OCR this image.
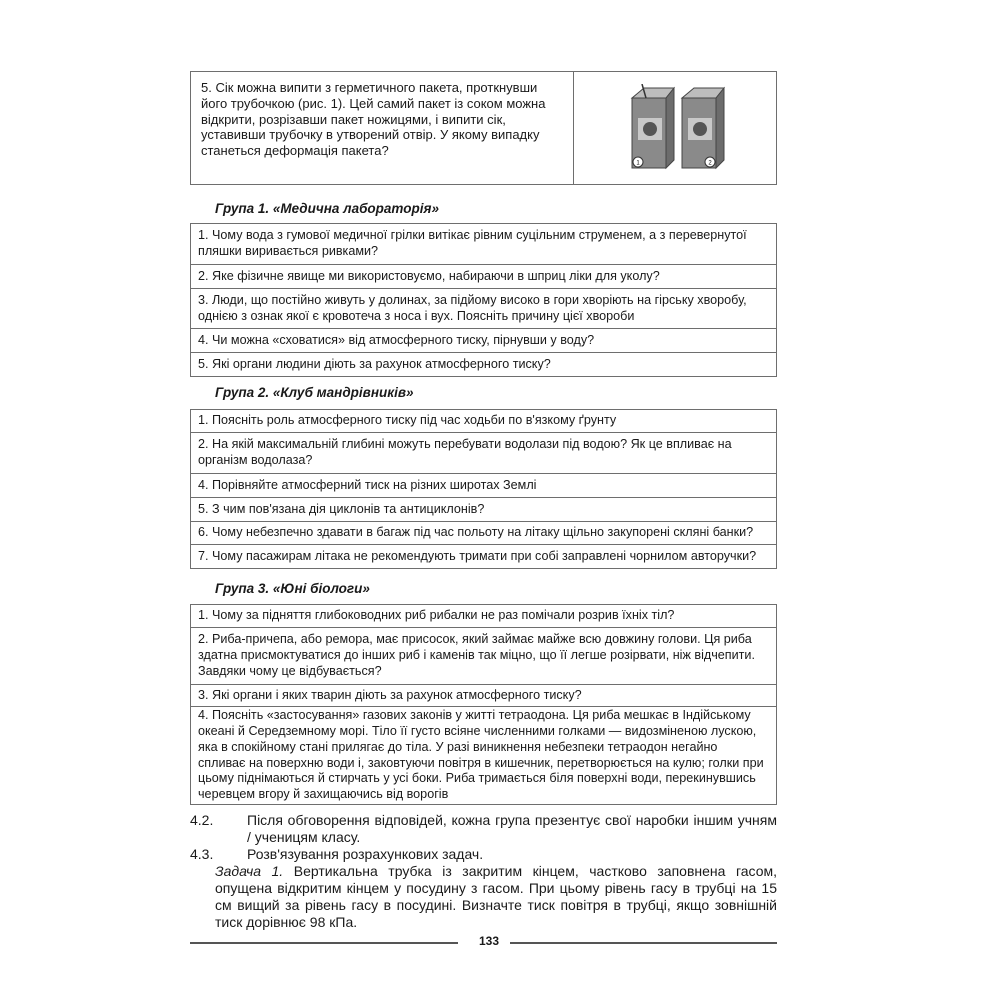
5. Сік можна випити з герметичного пакета, проткнувши його трубочкою (рис. 1). Цей самий пакет із соком можна відкрити, розрізавши пакет ножицями, і випити сік, уставивши трубочку в утворений отвір. У якому випадку станеться деформація пакета?
1	2
Група 1. «Медична лабораторія»
1. Чому вода з гумової медичної грілки витікає рівним суцільним струменем, а з перевернутої пляшки виривається ривками?
2. Яке фізичне явище ми використовуємо, набираючи в шприц ліки для уколу?
3. Люди, що постійно живуть у долинах, за підйому високо в гори хворіють на гірську хворобу, однією з ознак якої є кровотеча з носа і вух. Поясніть причину цієї хвороби
4. Чи можна «сховатися» від атмосферного тиску, пірнувши у воду?
5. Які органи людини діють за рахунок атмосферного тиску?
Група 2. «Клуб мандрівників»
1. Поясніть роль атмосферного тиску під час ходьби по в'язкому ґрунту
2. На якій максимальній глибині можуть перебувати водолази під водою? Як це впливає на організм водолаза?
4. Порівняйте атмосферний тиск на різних широтах Землі
5. З чим пов'язана дія циклонів та антициклонів?
6. Чому небезпечно здавати в багаж під час польоту на літаку щільно закупорені скляні банки?
7. Чому пасажирам літака не рекомендують тримати при собі заправлені чорнилом авторучки?
Група 3. «Юні біологи»
1. Чому за підняття глибоководних риб рибалки не раз помічали розрив їхніх тіл?
2. Риба-причепа, або ремора, має присосок, який займає майже всю довжину голови. Ця риба здатна присмоктуватися до інших риб і каменів так міцно, що її легше розірвати, ніж відчепити. Завдяки чому це відбувається?
3. Які органи і яких тварин діють за рахунок атмосферного тиску?
4. Поясніть «застосування» газових законів у житті тетраодона. Ця риба мешкає в Індійському океані й Середземному морі. Тіло її густо всіяне численними голками — видозміненою лускою, яка в спокійному стані прилягає до тіла. У разі виникнення небезпеки тетраодон негайно спливає на поверхню води і, заковтуючи повітря в кишечник, перетворюється на кулю; голки при цьому піднімаються й стирчать у усі боки. Риба тримається біля поверхні води, перекинувшись черевцем вгору й захищаючись від ворогів
4.2. Після обговорення відповідей, кожна група презентує свої наробки іншим учням / ученицям класу.
4.3. Розв'язування розрахункових задач.
Задача 1. Вертикальна трубка із закритим кінцем, частково заповнена гасом, опущена відкритим кінцем у посудину з гасом. При цьому рівень гасу в трубці на 15 см вищий за рівень гасу в посудині. Визначте тиск повітря в трубці, якщо зовнішній тиск дорівнює 98 кПа.
133
